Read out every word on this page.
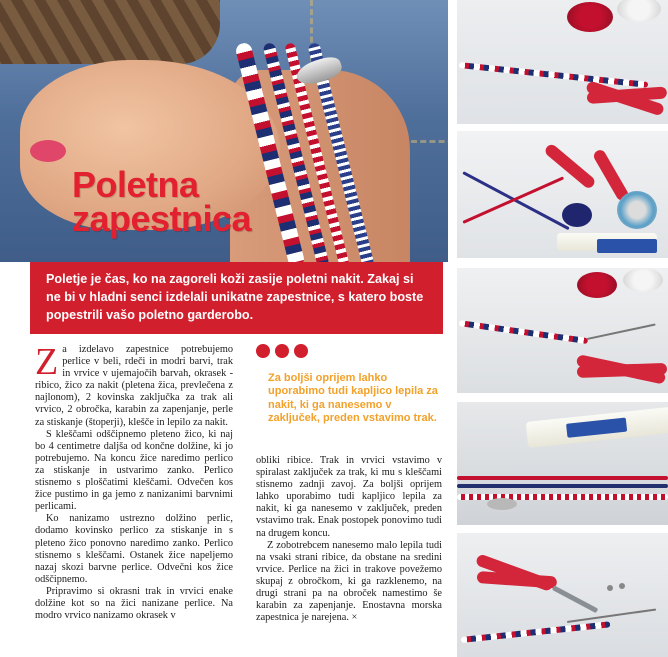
Poletna
zapestnica
Poletje je čas, ko na zagoreli koži zasije poletni nakit. Zakaj si ne bi v hladni senci izdelali unikatne zapestnice, s katero boste popestrili vašo poletno garderobo.

Za izdelavo zapestnice potrebujemo perlice v beli, rdeči in modri barvi, trak in vrvice v ujemajočih barvah, okrasek - ribico, žico za nakit (pletena žica, prevlečena z najlonom), 2 kovinska zaključka za trak ali vrvico, 2 obročka, karabin za zapenjanje, perle za stiskanje (štoperji), klešče in lepilo za nakit.

S kleščami odščipnemo pleteno žico, ki naj bo 4 centimetre daljša od končne dolžine, ki jo potrebujemo. Na koncu žice naredimo perlico za stiskanje in ustvarimo zanko. Perlico stisnemo s ploščatimi kleščami. Odvečen kos žice pustimo in ga jemo z nanizanimi barvnimi perlicami.

Ko nanizamo ustrezno dolžino perlic, dodamo kovinsko perlico za stiskanje in s pleteno žico ponovno naredimo zanko. Perlico stisnemo s kleščami. Ostanek žice napeljemo nazaj skozi barvne perlice. Odvečni kos žice odščipnemo.

Pripravimo si okrasni trak in vrvici enake dolžine kot so na žici nanizane perlice. Na modro vrvico nanizamo okrasek v

Za boljši oprijem lahko uporabimo tudi kapljico lepila za nakit, ki ga nanesemo v zaključek, preden vstavimo trak.

obliki ribice. Trak in vrvici vstavimo v spiralast zaključek za trak, ki mu s kleščami stisnemo zadnji zavoj. Za boljši oprijem lahko uporabimo tudi kapljico lepila za nakit, ki ga nanesemo v zaključek, preden vstavimo trak. Enak postopek ponovimo tudi na drugem koncu.

Z zobotrebcem nanesemo malo lepila tudi na vsaki strani ribice, da obstane na sredini vrvice. Perlice na žici in trakove povežemo skupaj z obročkom, ki ga razklenemo, na drugi strani pa na obroček namestimo še karabin za zapenjanje. Enostavna morska zapestnica je narejena. ×
